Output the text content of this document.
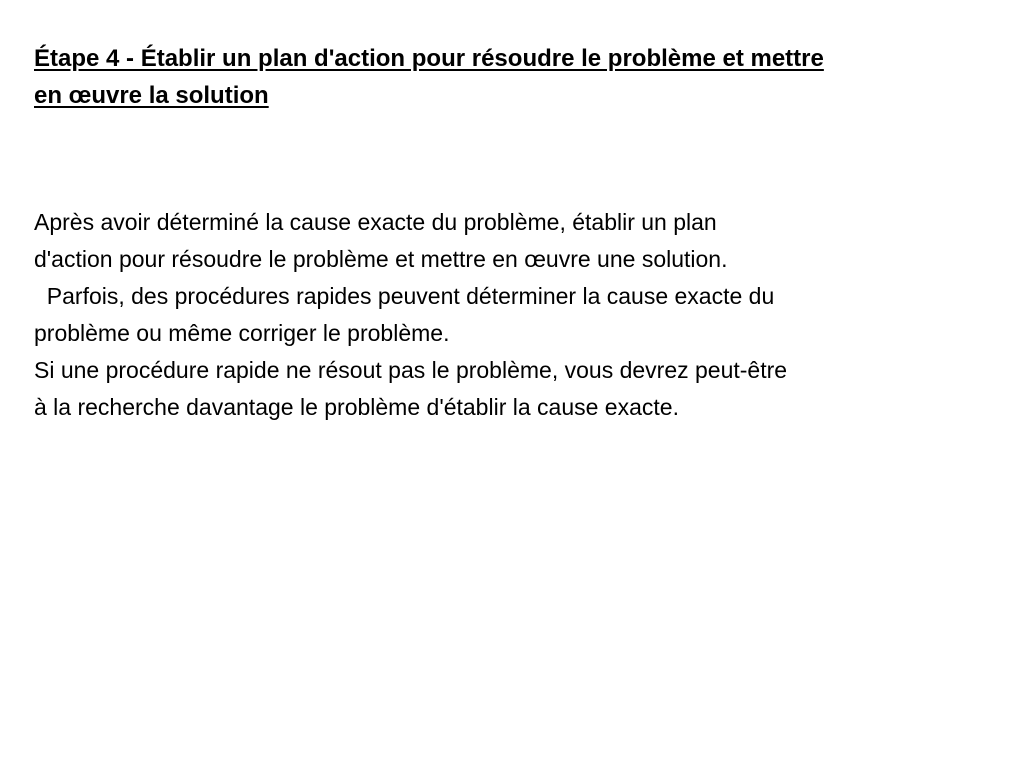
Étape 4 - Établir un plan d'action pour résoudre le problème et mettre
en œuvre la solution
Après avoir déterminé la cause exacte du problème, établir un plan
d'action pour résoudre le problème et mettre en œuvre une solution.
Parfois, des procédures rapides peuvent déterminer la cause exacte du
problème ou même corriger le problème.
Si une procédure rapide ne résout pas le problème, vous devrez peut-être
à la recherche davantage le problème d'établir la cause exacte.
